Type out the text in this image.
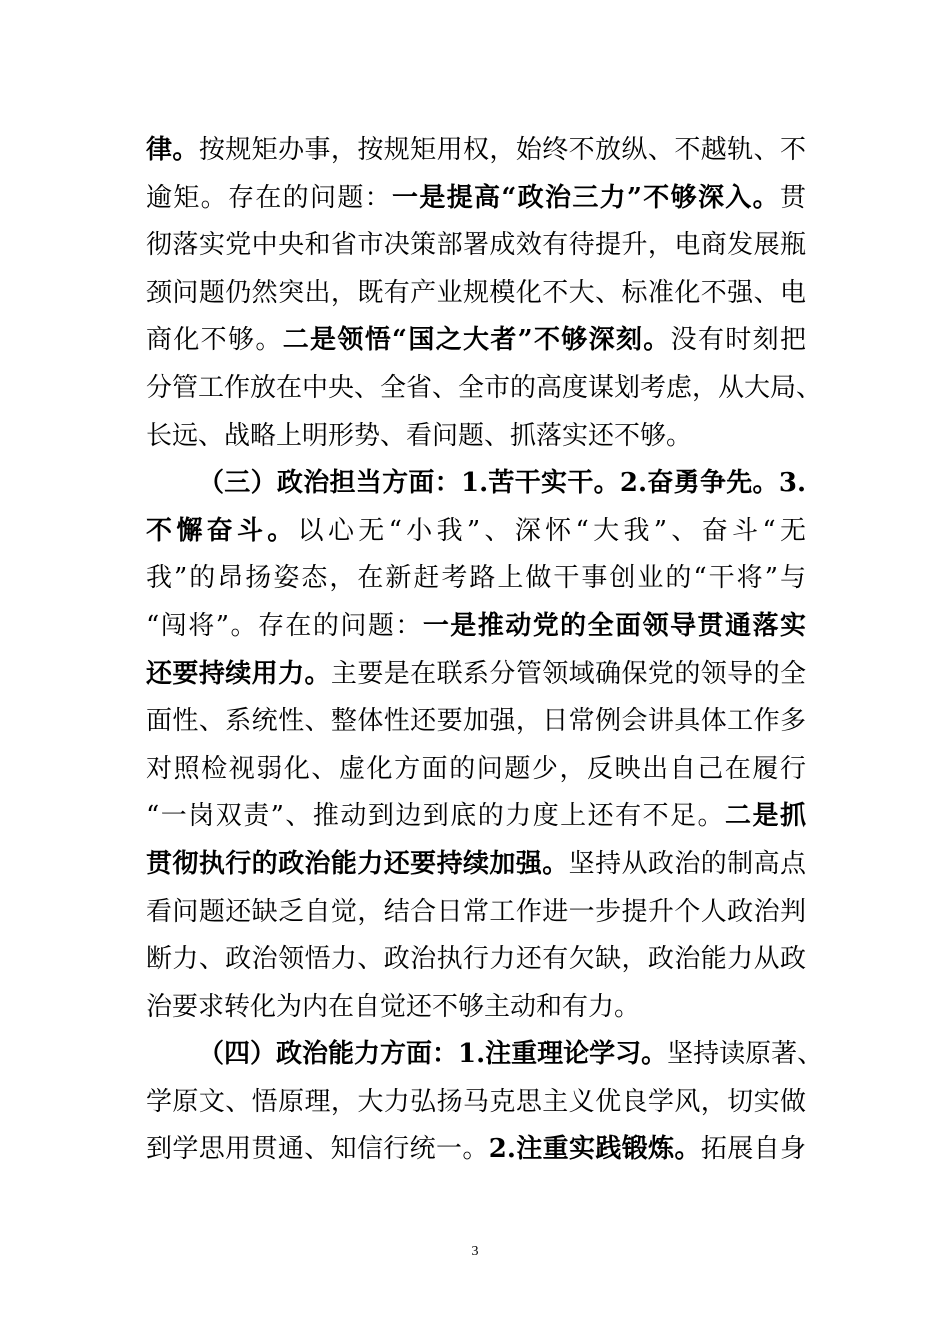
律。按规矩办事，按规矩用权，始终不放纵、不越轨、不
逾矩。存在的问题：一是提高“政治三力”不够深入。贯
彻落实党中央和省市决策部署成效有待提升，电商发展瓶
颈问题仍然突出，既有产业规模化不大、标准化不强、电
商化不够。二是领悟“国之大者”不够深刻。没有时刻把
分管工作放在中央、全省、全市的高度谋划考虑，从大局、
长远、战略上明形势、看问题、抓落实还不够。
（三）政治担当方面：1.苦干实干。2.奋勇争先。3.
不懈奋斗。以心无“小我”、深怀“大我”、奋斗“无
我”的昂扬姿态，在新赶考路上做干事创业的“干将”与
“闯将”。存在的问题：一是推动党的全面领导贯通落实
还要持续用力。主要是在联系分管领域确保党的领导的全
面性、系统性、整体性还要加强，日常例会讲具体工作多
对照检视弱化、虚化方面的问题少，反映出自己在履行
“一岗双责”、推动到边到底的力度上还有不足。二是抓
贯彻执行的政治能力还要持续加强。坚持从政治的制高点
看问题还缺乏自觉，结合日常工作进一步提升个人政治判
断力、政治领悟力、政治执行力还有欠缺，政治能力从政
治要求转化为内在自觉还不够主动和有力。
（四）政治能力方面：1.注重理论学习。坚持读原著、
学原文、悟原理，大力弘扬马克思主义优良学风，切实做
到学思用贯通、知信行统一。2.注重实践锻炼。拓展自身
3
